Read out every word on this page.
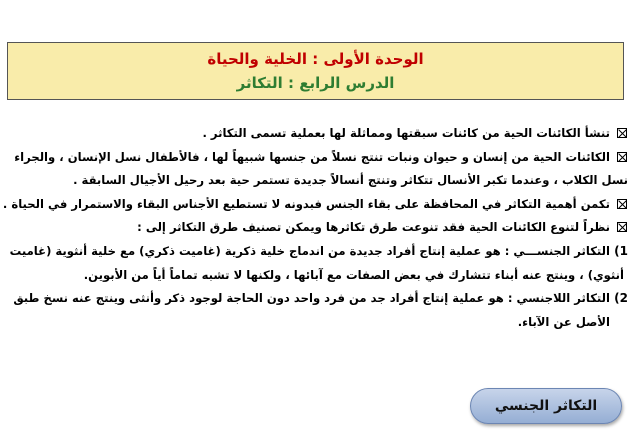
الوحدة الأولى : الخلية والحياة
الدرس الرابع : التكاثر
تنشأ الكائنات الحية من كائنات سبقتها ومماثلة لها بعملية تسمى التكاثر .
الكائنات الحية من إنسان و حيوان ونبات تنتج نسلاً من جنسها شبيهاً لها ، فالأطفال نسل الإنسان ، والجراء
نسل الكلاب ، وعندما تكبر الأنسال تتكاثر وتنتج أنسالاً جديدة تستمر حية بعد رحيل الأجيال السابقة .
تكمن أهمية التكاثر في المحافظة على بقاء الجنس فبدونه لا تستطيع الأجناس البقاء والاستمرار في الحياة .
نظراً لتنوع الكائنات الحية فقد تنوعت طرق تكاثرها ويمكن تصنيف طرق التكاثر إلى :
1)
التكاثر الجنســـي : هو عملية إنتاج أفراد جديدة من اندماج خلية ذكرية (غاميت ذكري) مع خلية أنثوية (غاميت
أنثوي) ، وينتج عنه أبناء تتشارك في بعض الصفات مع آبائها ، ولكنها لا تشبه تماماً أياً من الأبوين.
2)
التكاثر اللاجنسي : هو عملية إنتاج أفراد جد من فرد واحد دون الحاجة لوجود ذكر وأنثى وينتج عنه نسخ طبق
الأصل عن الآباء.
التكاثر الجنسي
